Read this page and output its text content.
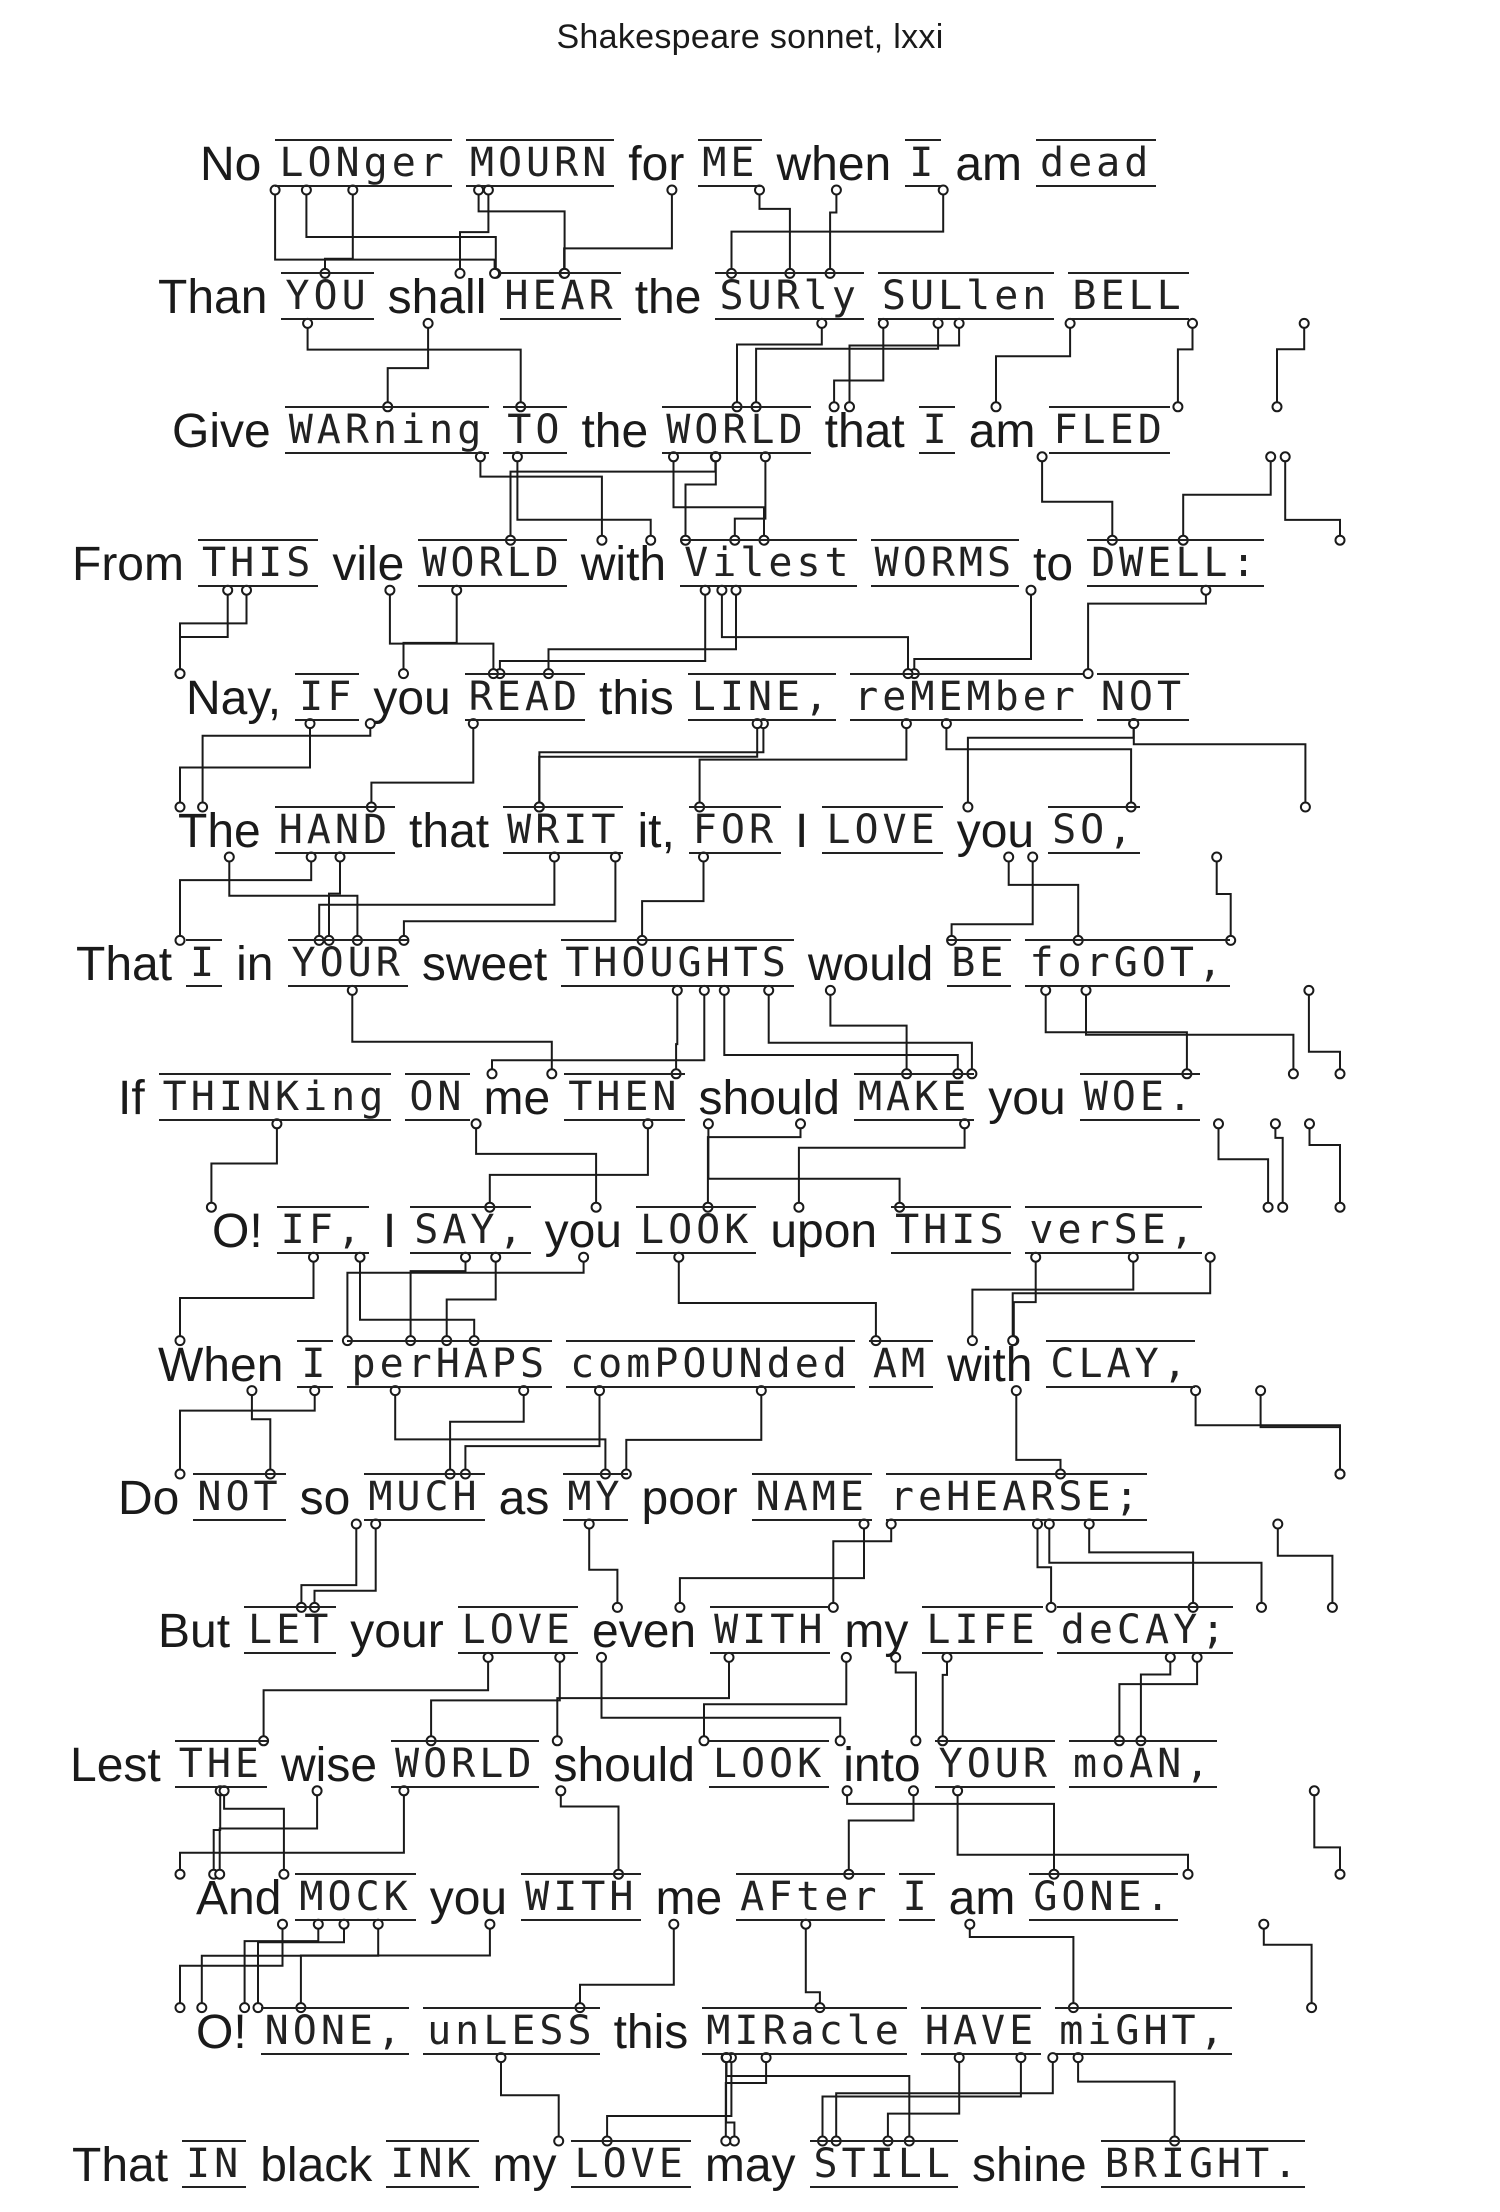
Shakespeare sonnet, lxxi
No LONger MOURN for ME when I am dead
Than YOU shall HEAR the SURly SULlen BELL
Give WARning TO the WORLD that I am FLED
From THIS vile WORLD with Vilest WORMS to DWELL:
Nay, IF you READ this LINE, reMEMber NOT
The HAND that WRIT it, FOR I LOVE you SO,
That I in YOUR sweet THOUGHTS would BE forGOT,
If THINKing ON me THEN should MAKE you WOE.
O! IF, I SAY, you LOOK upon THIS verSE,
When I perHAPS comPOUNded AM with CLAY,
Do NOT so MUCH as MY poor NAME reHEARSE;
But LET your LOVE even WITH my LIFE deCAY;
Lest THE wise WORLD should LOOK into YOUR moAN,
And MOCK you WITH me AFter I am GONE.
O! NONE, unLESS this MIRacle HAVE miGHT,
That IN black INK my LOVE may STILL shine BRIGHT.
